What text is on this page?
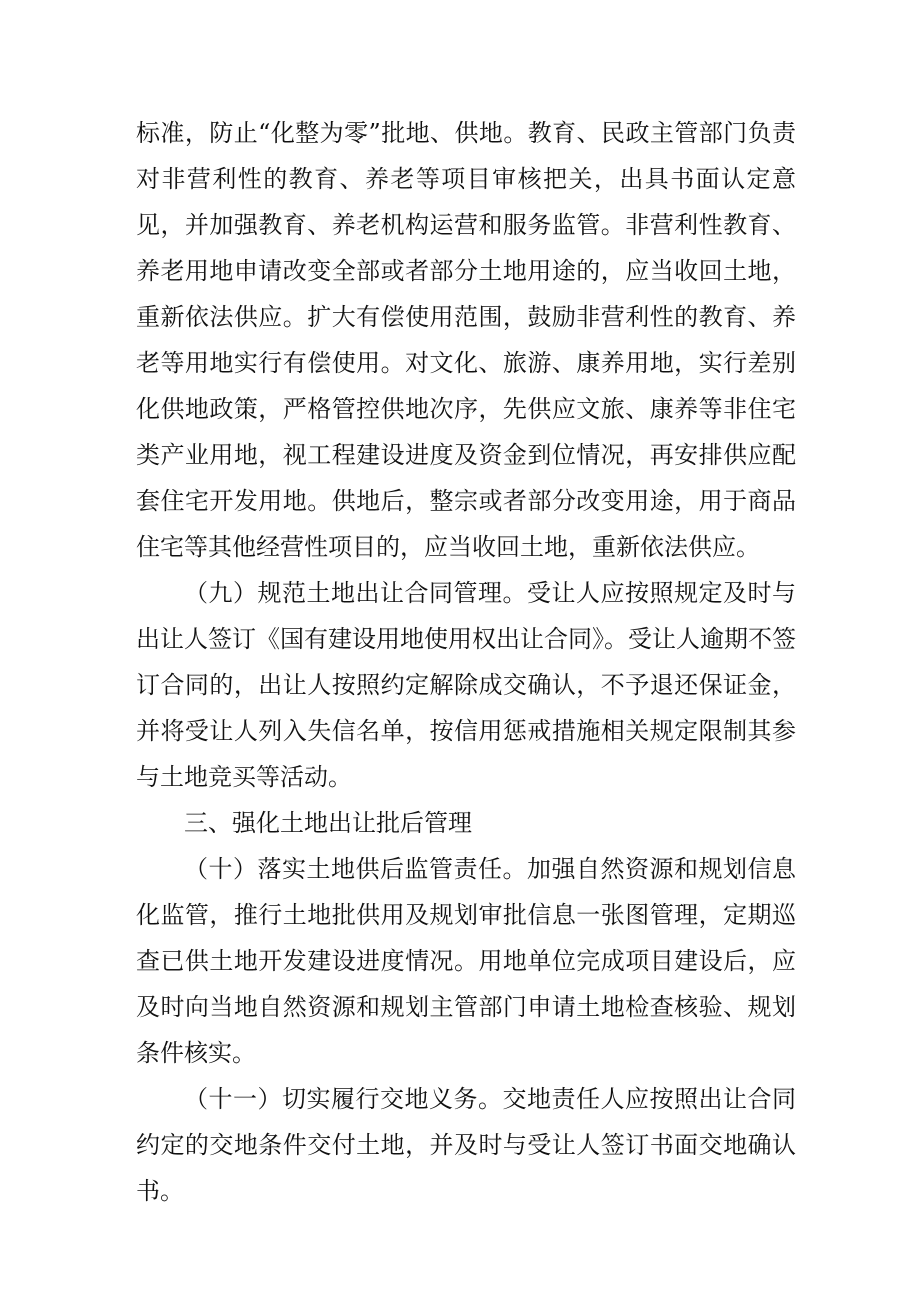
标准，防止“化整为零”批地、供地。教育、民政主管部门负责对非营利性的教育、养老等项目审核把关，出具书面认定意见，并加强教育、养老机构运营和服务监管。非营利性教育、养老用地申请改变全部或者部分土地用途的，应当收回土地，重新依法供应。扩大有偿使用范围，鼓励非营利性的教育、养老等用地实行有偿使用。对文化、旅游、康养用地，实行差别化供地政策，严格管控供地次序，先供应文旅、康养等非住宅类产业用地，视工程建设进度及资金到位情况，再安排供应配套住宅开发用地。供地后，整宗或者部分改变用途，用于商品住宅等其他经营性项目的，应当收回土地，重新依法供应。

（九）规范土地出让合同管理。受让人应按照规定及时与出让人签订《国有建设用地使用权出让合同》。受让人逾期不签订合同的，出让人按照约定解除成交确认，不予退还保证金，并将受让人列入失信名单，按信用惩戒措施相关规定限制其参与土地竞买等活动。

三、强化土地出让批后管理

（十）落实土地供后监管责任。加强自然资源和规划信息化监管，推行土地批供用及规划审批信息一张图管理，定期巡查已供土地开发建设进度情况。用地单位完成项目建设后，应及时向当地自然资源和规划主管部门申请土地检查核验、规划条件核实。

（十一）切实履行交地义务。交地责任人应按照出让合同约定的交地条件交付土地，并及时与受让人签订书面交地确认书。
